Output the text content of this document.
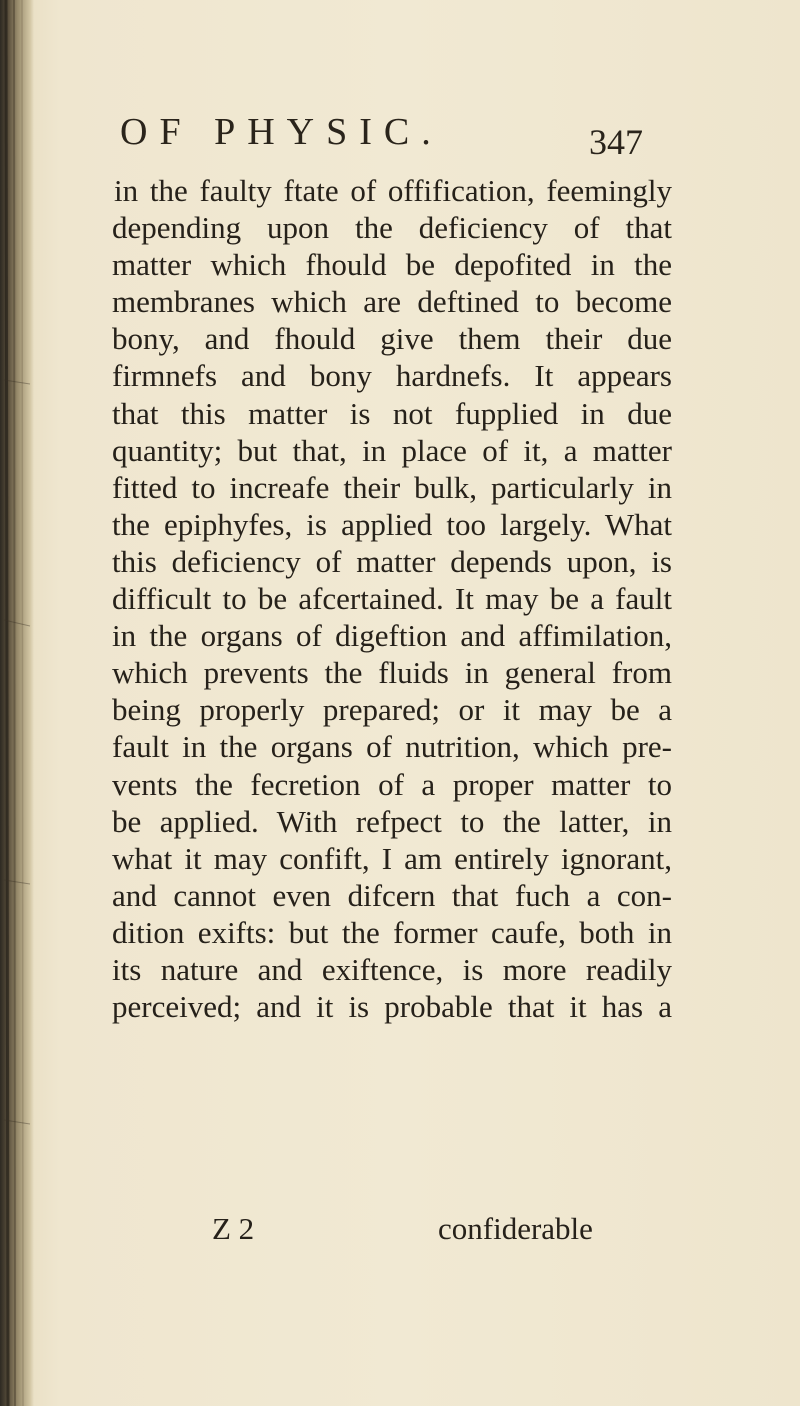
OF PHYSIC.	347
in the faulty ftate of offification, feemingly
depending upon the deficiency of that
matter which fhould be depofited in the
membranes which are deftined to become
bony, and fhould give them their due
firmnefs and bony hardnefs. It appears
that this matter is not fupplied in due
quantity; but that, in place of it, a matter
fitted to increafe their bulk, particularly in
the epiphyfes, is applied too largely. What
this deficiency of matter depends upon, is
difficult to be afcertained. It may be a fault
in the organs of digeftion and affimilation,
which prevents the fluids in general from
being properly prepared; or it may be a
fault in the organs of nutrition, which pre-
vents the fecretion of a proper matter to
be applied. With refpect to the latter, in
what it may confift, I am entirely ignorant,
and cannot even difcern that fuch a con-
dition exifts: but the former caufe, both in
its nature and exiftence, is more readily
perceived; and it is probable that it has a
Z 2	confiderable
